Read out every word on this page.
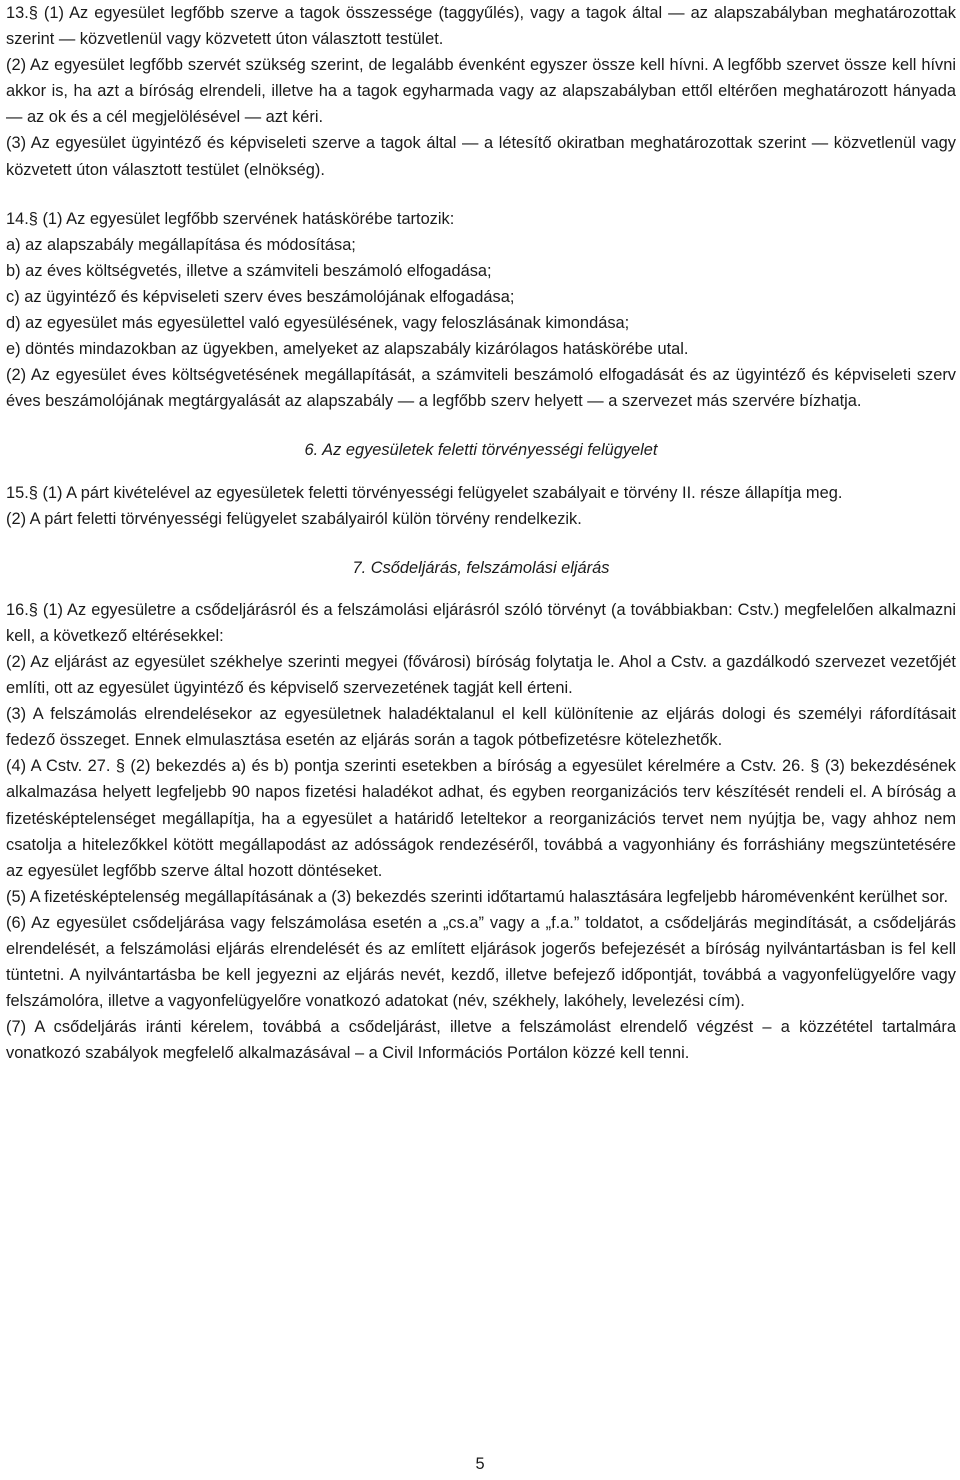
13.§ (1) Az egyesület legfőbb szerve a tagok összessége (taggyűlés), vagy a tagok által — az alapszabályban meghatározottak szerint — közvetlenül vagy közvetett úton választott testület.

(2) Az egyesület legfőbb szervét szükség szerint, de legalább évenként egyszer össze kell hívni. A legfőbb szervet össze kell hívni akkor is, ha azt a bíróság elrendeli, illetve ha a tagok egyharmada vagy az alapszabályban ettől eltérően meghatározott hányada — az ok és a cél megjelölésével — azt kéri.

(3) Az egyesület ügyintéző és képviseleti szerve a tagok által — a létesítő okiratban meghatározottak szerint — közvetlenül vagy közvetett úton választott testület (elnökség).

14.§ (1) Az egyesület legfőbb szervének hatáskörébe tartozik:

a) az alapszabály megállapítása és módosítása;

b) az éves költségvetés, illetve a számviteli beszámoló elfogadása;

c) az ügyintéző és képviseleti szerv éves beszámolójának elfogadása;

d) az egyesület más egyesülettel való egyesülésének, vagy feloszlásának kimondása;

e) döntés mindazokban az ügyekben, amelyeket az alapszabály kizárólagos hatáskörébe utal.

(2) Az egyesület éves költségvetésének megállapítását, a számviteli beszámoló elfogadását és az ügyintéző és képviseleti szerv éves beszámolójának megtárgyalását az alapszabály — a legfőbb szerv helyett — a szervezet más szervére bízhatja.

6. Az egyesületek feletti törvényességi felügyelet

15.§ (1) A párt kivételével az egyesületek feletti törvényességi felügyelet szabályait e törvény II. része állapítja meg.

(2) A párt feletti törvényességi felügyelet szabályairól külön törvény rendelkezik.

7. Csődeljárás, felszámolási eljárás

16.§ (1) Az egyesületre a csődeljárásról és a felszámolási eljárásról szóló törvényt (a továbbiakban: Cstv.) megfelelően alkalmazni kell, a következő eltérésekkel:

(2) Az eljárást az egyesület székhelye szerinti megyei (fővárosi) bíróság folytatja le. Ahol a Cstv. a gazdálkodó szervezet vezetőjét említi, ott az egyesület ügyintéző és képviselő szervezetének tagját kell érteni.

(3) A felszámolás elrendelésekor az egyesületnek haladéktalanul el kell különítenie az eljárás dologi és személyi ráfordításait fedező összeget. Ennek elmulasztása esetén az eljárás során a tagok pótbefizetésre kötelezhetők.

(4) A Cstv. 27. § (2) bekezdés a) és b) pontja szerinti esetekben a bíróság a egyesület kérelmére a Cstv. 26. § (3) bekezdésének alkalmazása helyett legfeljebb 90 napos fizetési haladékot adhat, és egyben reorganizációs terv készítését rendeli el. A bíróság a fizetésképtelenséget megállapítja, ha a egyesület a határidő leteltekor a reorganizációs tervet nem nyújtja be, vagy ahhoz nem csatolja a hitelezőkkel kötött megállapodást az adósságok rendezéséről, továbbá a vagyonhiány és forráshiány megszüntetésére az egyesület legfőbb szerve által hozott döntéseket.

(5) A fizetésképtelenség megállapításának a (3) bekezdés szerinti időtartamú halasztására legfeljebb háromévenként kerülhet sor.

(6) Az egyesület csődeljárása vagy felszámolása esetén a „cs.a” vagy a „f.a.” toldatot, a csődeljárás megindítását, a csődeljárás elrendelését, a felszámolási eljárás elrendelését és az említett eljárások jogerős befejezését a bíróság nyilvántartásban is fel kell tüntetni. A nyilvántartásba be kell jegyezni az eljárás nevét, kezdő, illetve befejező időpontját, továbbá a vagyonfelügyelőre vagy felszámolóra, illetve a vagyonfelügyelőre vonatkozó adatokat (név, székhely, lakóhely, levelezési cím).

(7) A csődeljárás iránti kérelem, továbbá a csődeljárást, illetve a felszámolást elrendelő végzést – a közzététel tartalmára vonatkozó szabályok megfelelő alkalmazásával – a Civil Információs Portálon közzé kell tenni.

5
